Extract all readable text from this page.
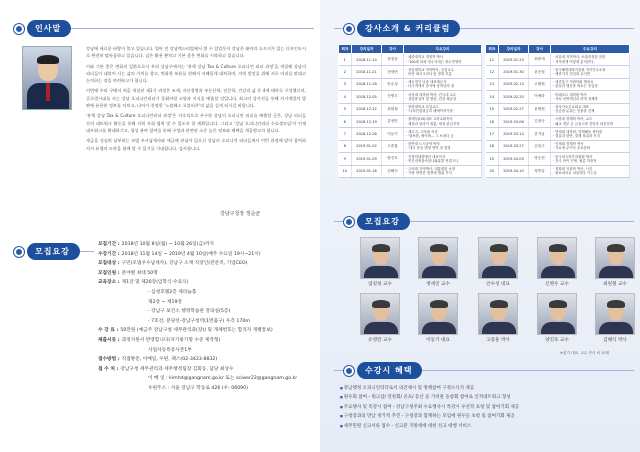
인사말

강남에 새로운 바람이 불고 있습니다. 열아 전 강남렉스리빌에서 봄 수 있었듯이 강남은 태어과 소프지가 있는 디자인도시로 완전히 탈바꿈하고 있습니다. 넘은 활용 뿐치고 기본 좋은 변화를 시작하고 있습니다.

이와 기본 좋은 변화의 일환으로서 우리 강남구에서는 '흥책 강남 Tax & Culture 오피니언 리더 과정'을 개설해 강남의 리더들이 대불어 사는 삶의 가치를 향고, 변화한 보유를 현해지 지혜롭게 대처하며, 지역 발전을 위해 서로 머리를 맞대고 논의하는 장을 마련하고가 합니다.

이번에 우리 구에서 처음 개설된 제1기 과정은 조제, 자산경영과 부동산학, 전문학, 건강과 삶 등 4개 테마로 구성했으며, 글로벌시대를 사는 강남 오피니언리더가 갖춰야할 소양과 지식을 배울할 것입니다. 최고의 강사진들 통해 자기계발의 발판에 유용한 정보를 익히고, 나아가 친정한 '노블레스 오블리주'의 삶을 실게 되시길 바랍니다.

'흥책 강남 Tax & Culture 오피니언리더 과정'은 지속적으로 우수한 강남의 오피니언 리더를 배출할 곳은, 강남 리더들 간의 네트워크 활동을 통해 지역 사회 협력 맞 수 있도록 할 계획입니다. 그리고 '강남 오피니언리더 수료생모임'이 인재 네트워크를 확대하기고, 형성 분야 참여를 통해 구정과 관련된 소중 높은 정보와 해택을 개공받고자 합니다.

세금을 성실히 납부하는 모범 우사납세자와 세금에 관심이 있으신 강남의 오피니언 리더들께서 이번 과정에 많이 참여하셔서 유행의 도약을 함께 할 수 있기를 기대합니다. 감사합니다.

강남구청장 정순균
모집요강
모집기간 : 2018년 10월 8일(월) ~ 10월 26일(금)까지
수강기간 : 2018년 11월 14일 ~ 2019년 4월 10일(매주 수요일 19시~21시)
모집대상 : 구민(모범우수납세자), 강남구 소재 직장인(전문직, 기업CEO)
모집인원 : 분야별 최대 50명
교육장소 : 제1강 및 제20강(입학식·수료식)
- 심청호텔2층 제라늄홀
제2강 ~ 제19강
- 강남구 보건소 행정학습관 강의실(5층)
- 7호선, 분당선-강남구청역(1번출구) 우측 170m
수 강 료 : 50만원 (예금주 강남구청 세무관리과(장)) 및 개체번호는 합격자 개별통보)
제출서류 : 과정지원서 반영합니다(자기평가형 수준 제작형)
사업자등록증사본1부
접수방법 : 직접방문, 이메일, 우편, 팩스(02-3423-8832)
접 수 처 : 강남구청 세무관리과 세무행정팀장 김회동, 담당 최상수
이 메 일 : kimhd@gangnam.go.kr 또는 sciwer22@gangnam.go.kr
우편주소 : 서울 강남구 학동로 426 (우: 06090)
강사소개 & 커리큘럼
회차	강의일자	강사	주요강의
1	2018.11.14	정점동	· 세종대학교 경영학 박사
· '100세 내외 영수사대는 장수경영학
2	2018.11.21	현세빈	· 중앙대학교 약학박사, 공업교수
· 비만 대사크리닉 및 영양 흐름
3	2018.11.28	안수성	· 세무법인 다솔 대표세무사
· 다국적에서 중석에 상하냥의 절
4	2018.12.05	신병우	· 서울대 대학원 박사, 건국대 교수
· 상업용질적 및 방산, 건강 제공상
5	2018.12.12	최원철	· 한양대학교 특임교수
· '나치산업형금과 예예여자가을'
6	2018.12.19	유영만	· 볼레부(H3)대표 고려교회목사
· 세상과 얼마가 집없, 세정 관심지적
7	2018.12.26	이동기	· 세무지, 고려대 석사
· '날씨를, 혈이며... 그 보장다 등
8	2019.01.02	고중훈	· 한반대 도시공학 박사
· '대국 운동 변형 영역 과 결정
9	2019.01.09	양진호	· 건축하내한맹간 대표이사
· 민간건축을사된나와흡발 연결고니
10	2019.01.16	김해식	· 고려대 지역박사, 대통령한 소장
· 가장 현명한 법정에 범위 가지
회차	강의일자	강사	주요강의
11	2019.01.23	최중애	· 서울대 지역박사, 소출한정된 현장
· 지역에게 이렇게 분석한다
12	2019.01.30	윤준철	· 한국해양대학거울판 자기인수소장
· 세종기지 건설대 유지면
13	2019.02.13	고태원	· 대중통구 지원학회 행장요
· 관심과 행동을 바로는 중입점
14	2019.02.20	이예하	· 미래소트 대학원 박사
· 사치 선명핵심과 하며 경제학
15	2019.02.27	윤택원	· 십자가오른교회유 대표
· 공공을 분위는 동물을 진제
16	2019.03.06	김정숙	· 시장대 경제학 박사, 교수
· 패교 정부 등 금융시장 전망과 대응전략
17	2019.03.13	한기남	· 연세대 대학원, 학계해동 센터장
· 결술과 한반, 결제 상위과 가지
18	2019.03.27	김성주	· 인재대 경제학 박사
· 거요에 무이득 중요문화
19	2019.04.03	망승현	· 한국외국학가지원회 박사
· 전국 안이 인생, 필름 하전적
20	2019.04.10	정종술	· 경희대 지원학 박사, 시인
· 완료파서로 치울하다 가는길
모집요강
엄길청 교수	정세연 교수	안수성 대표	신병우 교수	최원철 교수
유영만 교수	이동기 대표	고중훈 박사	양진호 교수	김해식 박사
※섭기 대표, 교수 약식 외 10명
수강시 혜택
■ 강남행정 오피니언리더로서 의견제시 및 정책참여 구정소식지 제공
■ 원우회 참여 - 워크샵/ 연찬회/ 골프/ 등산 등 가치관 동창회 참여로 인적네트워크 형성
■ 주요행사 및 특강시 참여 - 강남구청주최 수요행사시 특강시 우선적 초청 및 참여기회 제공
■ 구청장과의 만남 정기적 추진 - 구청장과 함께하는 모임에 원우들 초청 및 참여기회 제공
■ 세무민원 신고서류 접수 - 신고분 지방세에 대한 신고 대행 서비스
